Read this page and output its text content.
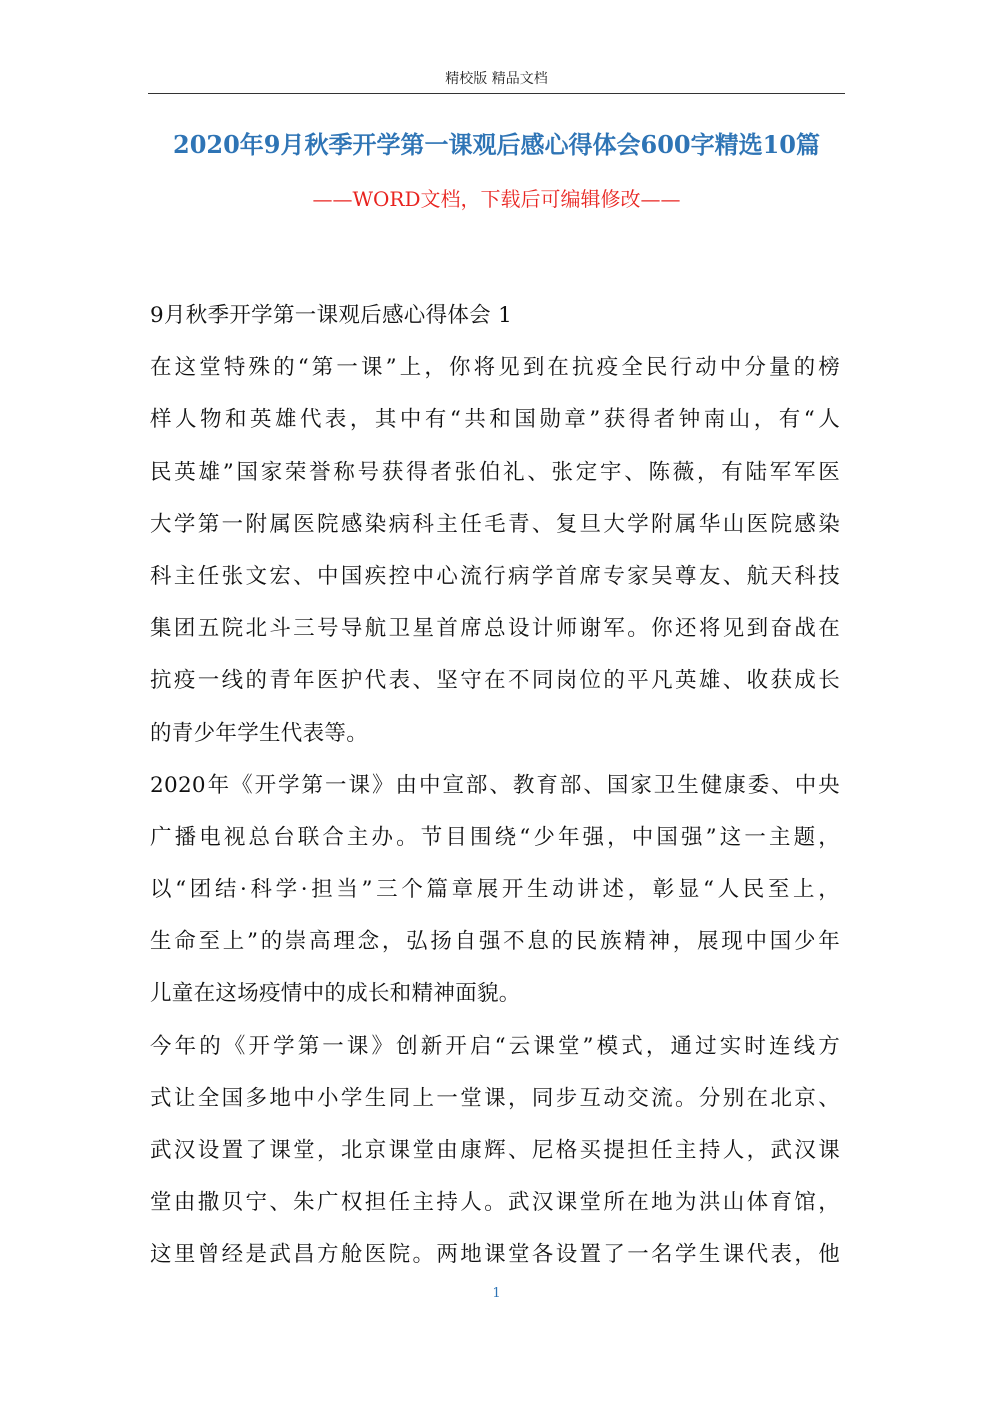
精校版 精品文档
2020年9月秋季开学第一课观后感心得体会600字精选10篇
——WORD文档，下载后可编辑修改——
9月秋季开学第一课观后感心得体会 1
在这堂特殊的“第一课”上，你将见到在抗疫全民行动中分量的榜
样人物和英雄代表，其中有“共和国勋章”获得者钟南山，有“人
民英雄”国家荣誉称号获得者张伯礼、张定宇、陈薇，有陆军军医
大学第一附属医院感染病科主任毛青、复旦大学附属华山医院感染
科主任张文宏、中国疾控中心流行病学首席专家吴尊友、航天科技
集团五院北斗三号导航卫星首席总设计师谢军。你还将见到奋战在
抗疫一线的青年医护代表、坚守在不同岗位的平凡英雄、收获成长
的青少年学生代表等。
2020年《开学第一课》由中宣部、教育部、国家卫生健康委、中央
广播电视总台联合主办。节目围绕“少年强，中国强”这一主题，
以“团结·科学·担当”三个篇章展开生动讲述，彰显“人民至上，
生命至上”的崇高理念，弘扬自强不息的民族精神，展现中国少年
儿童在这场疫情中的成长和精神面貌。
今年的《开学第一课》创新开启“云课堂”模式，通过实时连线方
式让全国多地中小学生同上一堂课，同步互动交流。分别在北京、
武汉设置了课堂，北京课堂由康辉、尼格买提担任主持人，武汉课
堂由撒贝宁、朱广权担任主持人。武汉课堂所在地为洪山体育馆，
这里曾经是武昌方舱医院。两地课堂各设置了一名学生课代表，他
1
